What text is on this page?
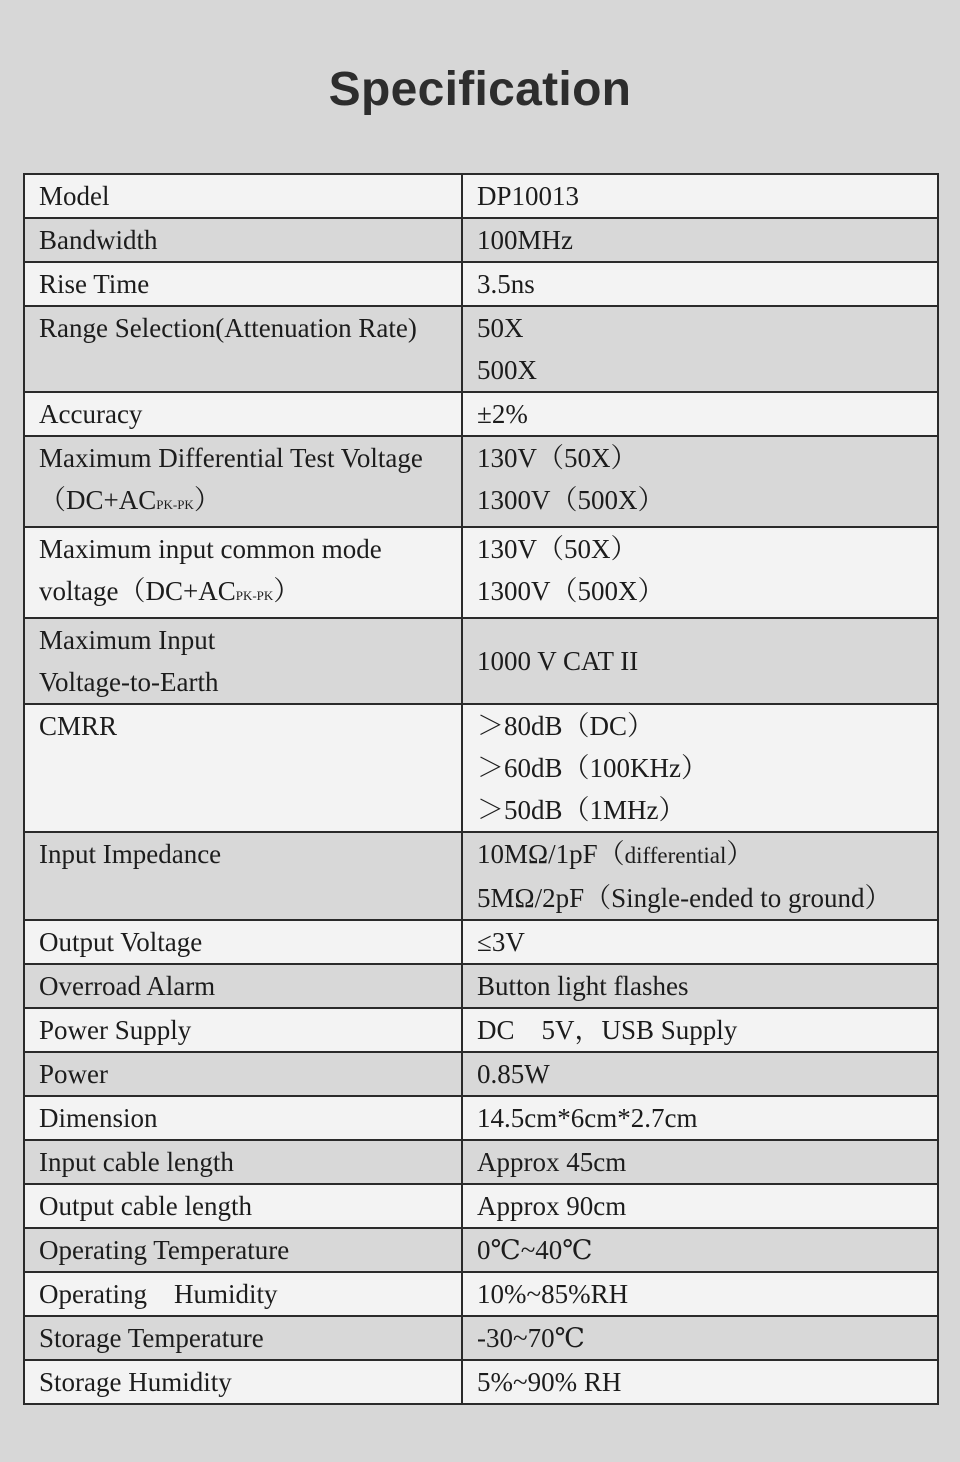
Specification
Model	DP10013
Bandwidth	100MHz
Rise Time	3.5ns
Range Selection(Attenuation Rate)	50X
500X

Accuracy	±2%

Maximum Differential Test Voltage
（DC+ACPK-PK）	130V（50X）
1300V（500X）

Maximum input common mode
voltage（DC+ACPK-PK）	130V（50X）
1300V（500X）

Maximum Input
Voltage-to-Earth	1000 V CAT II
CMRR	＞80dB（DC）
＞60dB（100KHz）
＞50dB（1MHz）

Input Impedance	10MΩ/1pF（differential）
5MΩ/2pF（Single-ended to ground）

Output Voltage	≤3V
Overroad Alarm	Button light flashes
Power Supply	DC    5V，USB Supply
Power	0.85W
Dimension	14.5cm*6cm*2.7cm
Input cable length	Approx 45cm
Output cable length	Approx 90cm
Operating Temperature	0℃~40℃
Operating    Humidity	10%~85%RH
Storage Temperature	-30~70℃
Storage Humidity	5%~90% RH
